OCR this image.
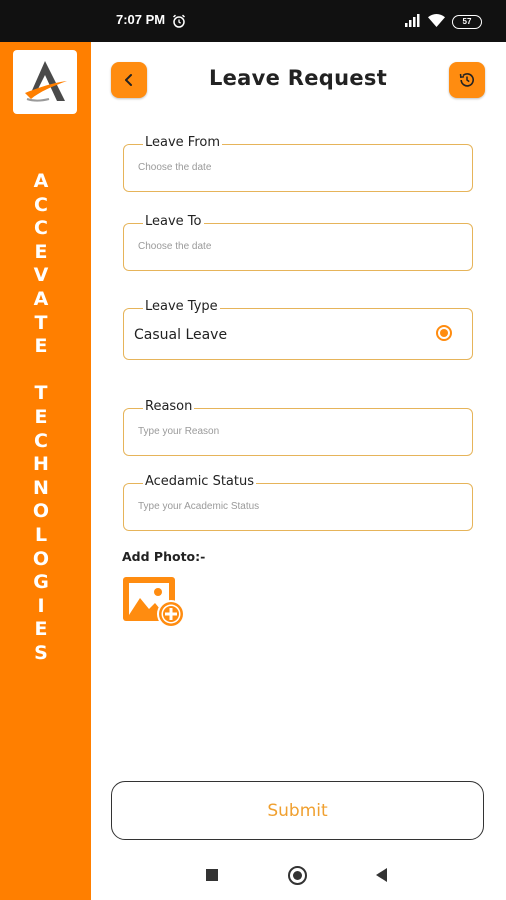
7:07 PM	57
A
C
C
E
V
A
T
E
T
E
C
H
N
O
L
O
G
I
E
S
Leave Request
Leave From
Choose the date
Leave To
Choose the date
Leave Type
Casual Leave
Reason
Type your Reason
Acedamic Status
Type your Academic Status
Add Photo:-
Submit
